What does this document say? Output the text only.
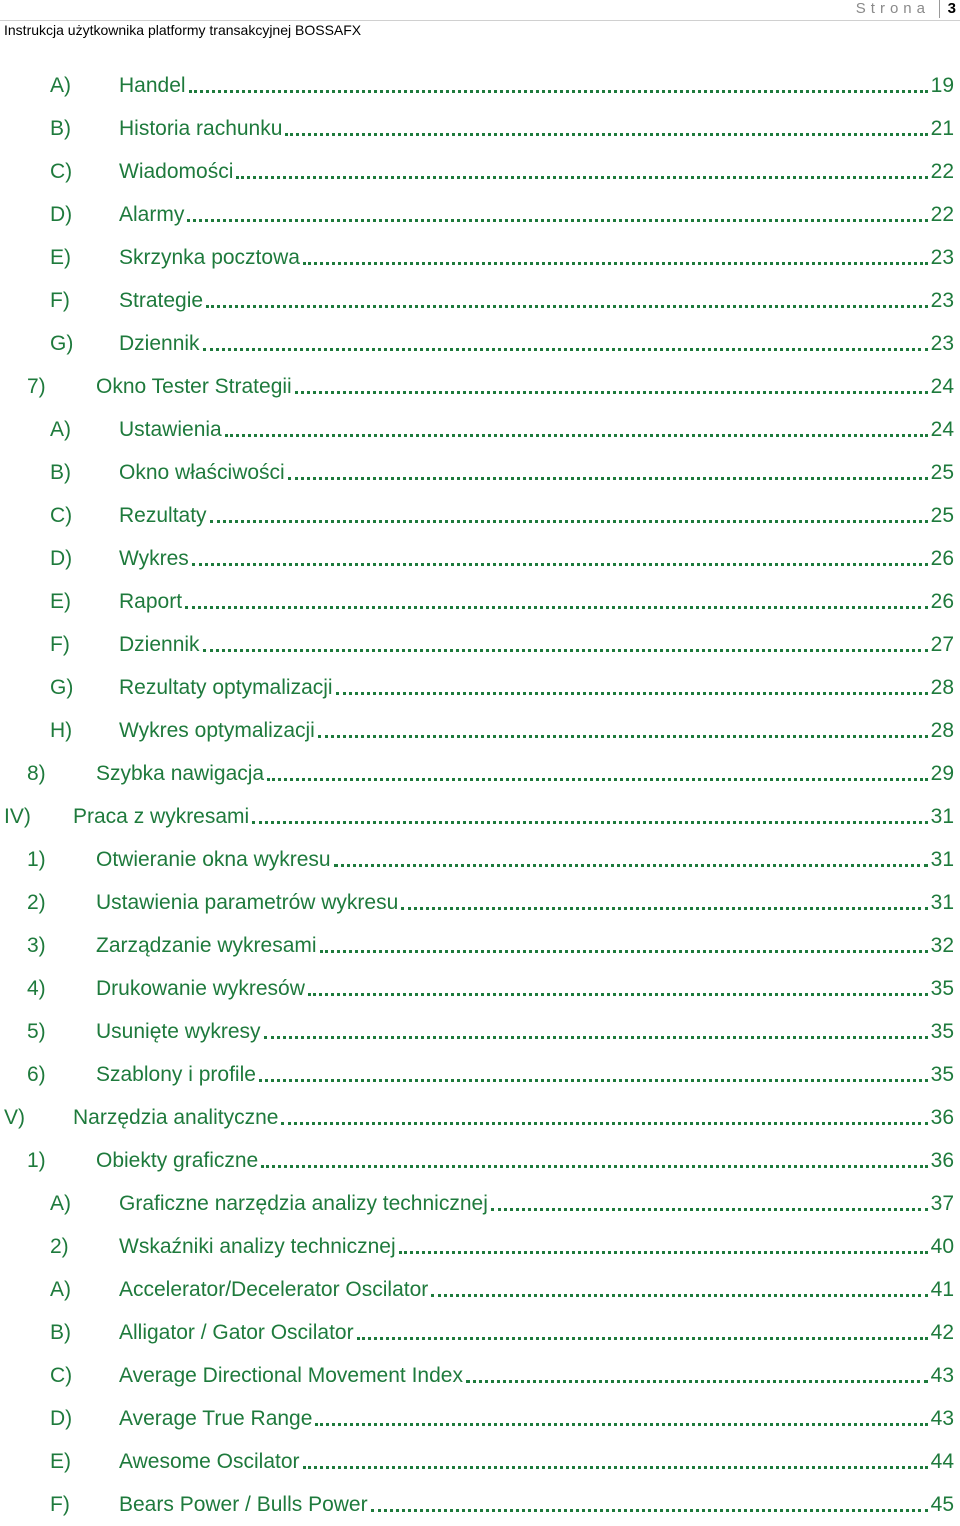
Instrukcja użytkownika platformy transakcyjnej BOSSAFX
Strona	3
A)	Handel	19
B)	Historia rachunku	21
C)	Wiadomości	22
D)	Alarmy	22
E)	Skrzynka pocztowa	23
F)	Strategie	23
G)	Dziennik	23
7)	Okno Tester Strategii	24
A)	Ustawienia	24
B)	Okno właściwości	25
C)	Rezultaty	25
D)	Wykres	26
E)	Raport	26
F)	Dziennik	27
G)	Rezultaty optymalizacji	28
H)	Wykres optymalizacji	28
8)	Szybka nawigacja	29
IV)	Praca z wykresami	31
1)	Otwieranie okna wykresu	31
2)	Ustawienia parametrów wykresu	31
3)	Zarządzanie wykresami	32
4)	Drukowanie wykresów	35
5)	Usunięte wykresy	35
6)	Szablony i profile	35
V)	Narzędzia analityczne	36
1)	Obiekty graficzne	36
A)	Graficzne narzędzia analizy technicznej	37
2)	Wskaźniki analizy technicznej	40
A)	Accelerator/Decelerator Oscilator	41
B)	Alligator / Gator Oscilator	42
C)	Average Directional Movement Index	43
D)	Average True Range	43
E)	Awesome Oscilator	44
F)	Bears Power / Bulls Power	45
